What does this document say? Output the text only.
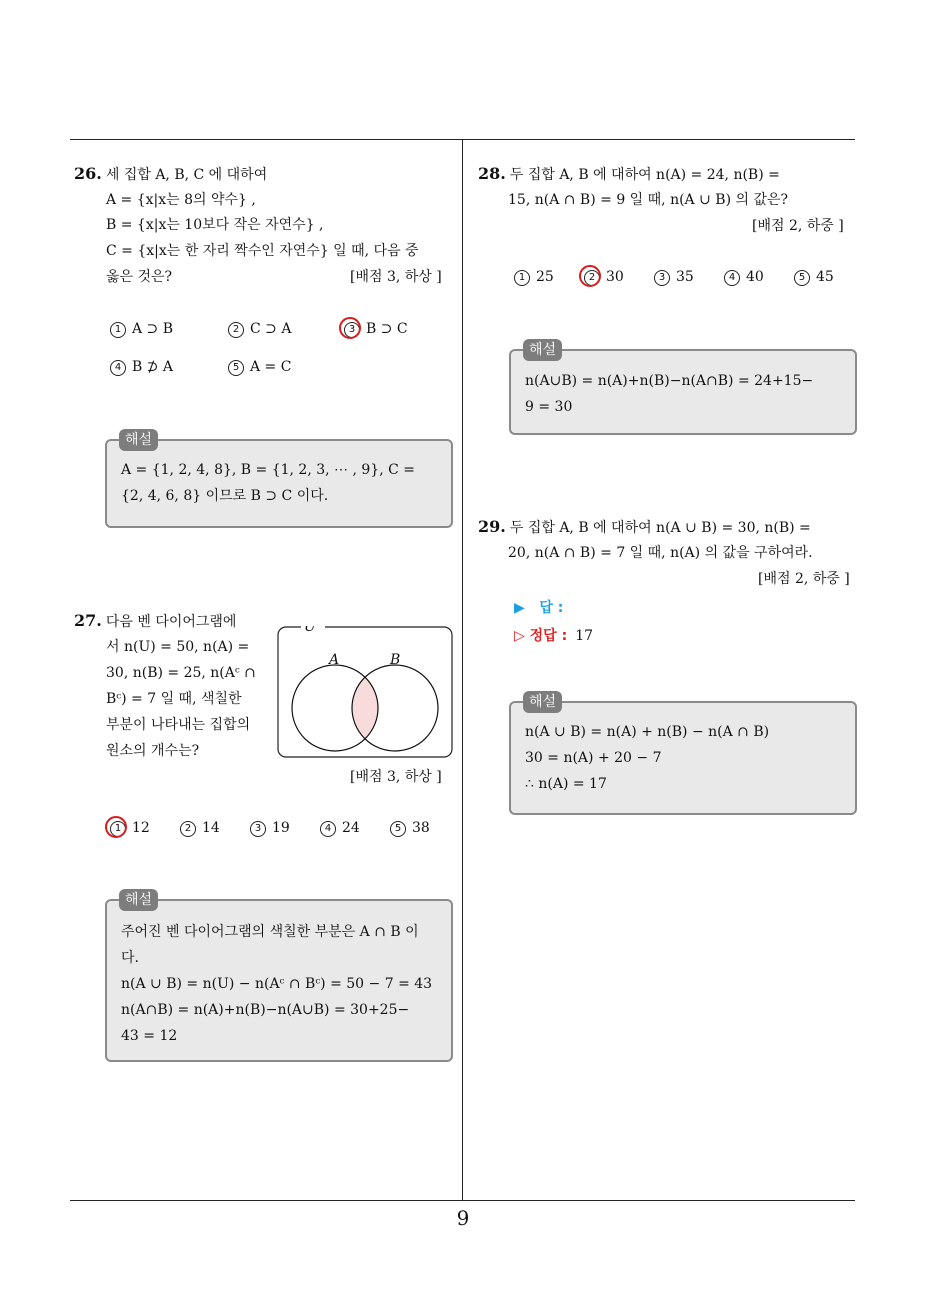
9
26. 세 집합 A, B, C 에 대하여
A = {x|x는 8의 약수} ,
B = {x|x는 10보다 작은 자연수} ,
C = {x|x는 한 자리 짝수인 자연수} 일 때, 다음 중
옳은 것은?	[배점 3, 하상 ]
1 A ⊃ B	2 C ⊃ A	3 B ⊃ C
4 B ⊅ A	5 A = C
해설
A = {1, 2, 4, 8}, B = {1, 2, 3, ⋯ , 9}, C =
{2, 4, 6, 8} 이므로 B ⊃ C 이다.
27. 다음 벤 다이어그램에
서 n(U) = 50, n(A) =
30, n(B) = 25, n(Aᶜ ∩
Bᶜ) = 7 일 때, 색칠한
부분이 나타내는 집합의
원소의 개수는?
U
A	B
[배점 3, 하상 ]
1 12	2 14	3 19	4 24	5 38
해설
주어진 벤 다이어그램의 색칠한 부분은 A ∩ B 이
다.
n(A ∪ B) = n(U) − n(Aᶜ ∩ Bᶜ) = 50 − 7 = 43
n(A∩B) = n(A)+n(B)−n(A∪B) = 30+25−
43 = 12
28. 두 집합 A, B 에 대하여 n(A) = 24, n(B) =
15, n(A ∩ B) = 9 일 때, n(A ∪ B) 의 값은?
[배점 2, 하중 ]
1 25	2 30	3 35	4 40	5 45
해설
n(A∪B) = n(A)+n(B)−n(A∩B) = 24+15−
9 = 30
29. 두 집합 A, B 에 대하여 n(A ∪ B) = 30, n(B) =
20, n(A ∩ B) = 7 일 때, n(A) 의 값을 구하여라.
[배점 2, 하중 ]
▶ 답 :
▷ 정답 : 17
해설
n(A ∪ B) = n(A) + n(B) − n(A ∩ B)
30 = n(A) + 20 − 7
∴ n(A) = 17
